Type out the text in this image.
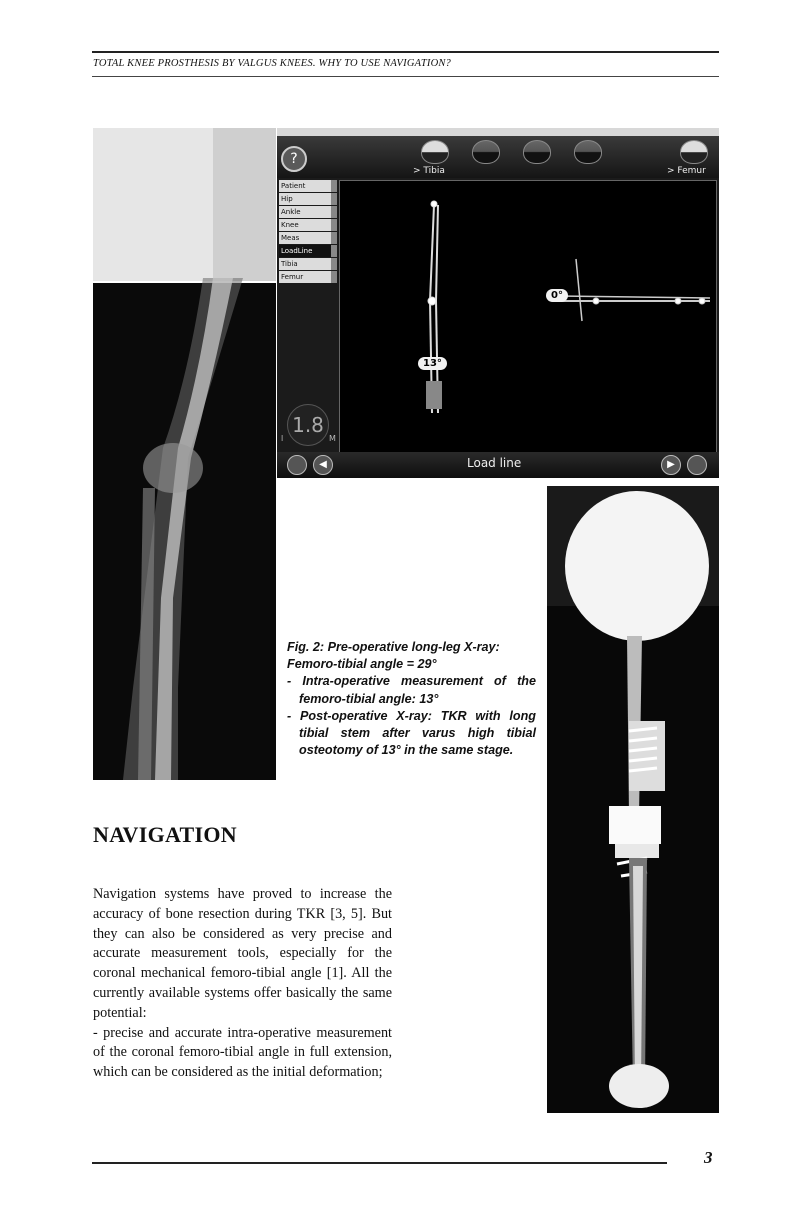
TOTAL KNEE PROSTHESIS BY VALGUS KNEES. WHY TO USE NAVIGATION?
?
> Tibia	> Femur
Patient
Hip
Ankle
Knee
Meas
LoadLine
Tibia
Femur
13°
0°
1.8
l	M
◀	Load line	▶
Fig. 2: Pre-operative long-leg X-ray: Femoro-tibial angle = 29°
- Intra-operative measurement of the femoro-tibial angle: 13°
- Post-operative X-ray: TKR with long tibial stem after varus high tibial osteotomy of 13° in the same stage.
NAVIGATION

Navigation systems have proved to increase the accuracy of bone resection during TKR [3, 5]. But they can also be considered as very precise and accurate measurement tools, especially for the coronal mechanical femoro-tibial angle [1]. All the currently available systems offer basically the same potential:

- precise and accurate intra-operative measurement of the coronal femoro-tibial angle in full extension, which can be considered as the initial deformation;

3
